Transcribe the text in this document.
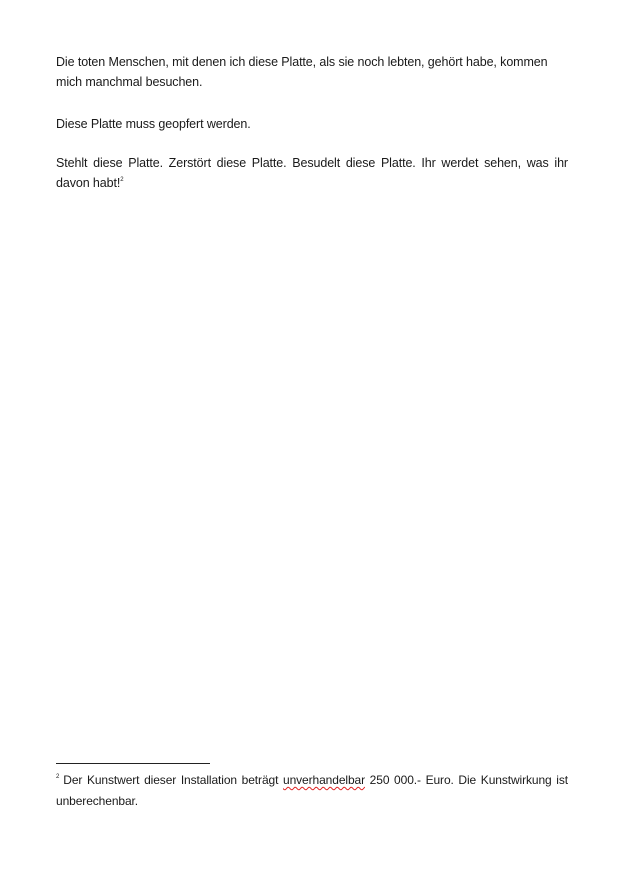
Die toten Menschen, mit denen ich diese Platte, als sie noch lebten, gehört habe, kommen mich manchmal besuchen.

Diese Platte muss geopfert werden.

Stehlt diese Platte. Zerstört diese Platte. Besudelt diese Platte. Ihr werdet sehen, was ihr davon habt!$^2$

$^2$ Der Kunstwert dieser Installation beträgt unverhandelbar 250 000.- Euro. Die Kunstwirkung ist unberechenbar.
